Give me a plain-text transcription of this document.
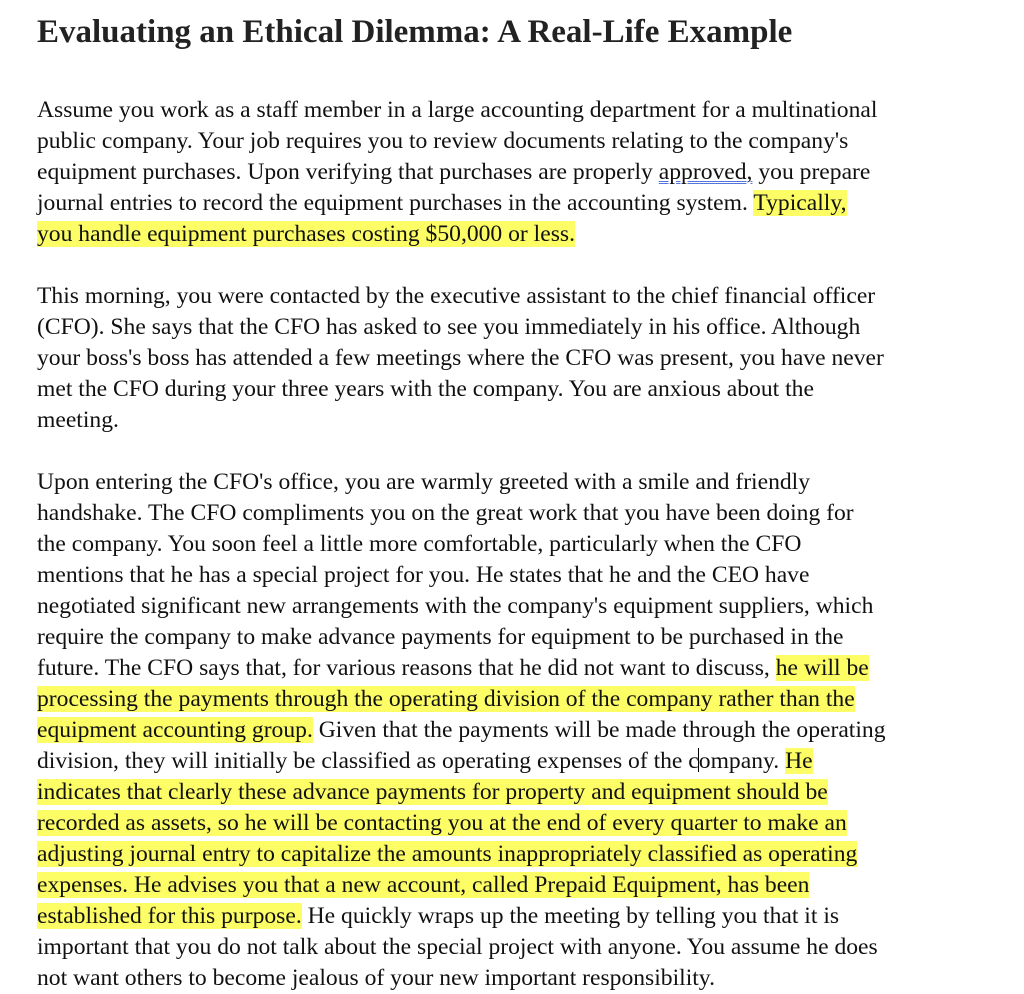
Evaluating an Ethical Dilemma: A Real-Life Example

Assume you work as a staff member in a large accounting department for a multinational
public company. Your job requires you to review documents relating to the company's
equipment purchases. Upon verifying that purchases are properly approved, you prepare
journal entries to record the equipment purchases in the accounting system. Typically,
you handle equipment purchases costing $50,000 or less.

This morning, you were contacted by the executive assistant to the chief financial officer
(CFO). She says that the CFO has asked to see you immediately in his office. Although
your boss's boss has attended a few meetings where the CFO was present, you have never
met the CFO during your three years with the company. You are anxious about the
meeting.

Upon entering the CFO's office, you are warmly greeted with a smile and friendly
handshake. The CFO compliments you on the great work that you have been doing for
the company. You soon feel a little more comfortable, particularly when the CFO
mentions that he has a special project for you. He states that he and the CEO have
negotiated significant new arrangements with the company's equipment suppliers, which
require the company to make advance payments for equipment to be purchased in the
future. The CFO says that, for various reasons that he did not want to discuss, he will be
processing the payments through the operating division of the company rather than the
equipment accounting group. Given that the payments will be made through the operating
division, they will initially be classified as operating expenses of the company. He
indicates that clearly these advance payments for property and equipment should be
recorded as assets, so he will be contacting you at the end of every quarter to make an
adjusting journal entry to capitalize the amounts inappropriately classified as operating
expenses. He advises you that a new account, called Prepaid Equipment, has been
established for this purpose. He quickly wraps up the meeting by telling you that it is
important that you do not talk about the special project with anyone. You assume he does
not want others to become jealous of your new important responsibility.
